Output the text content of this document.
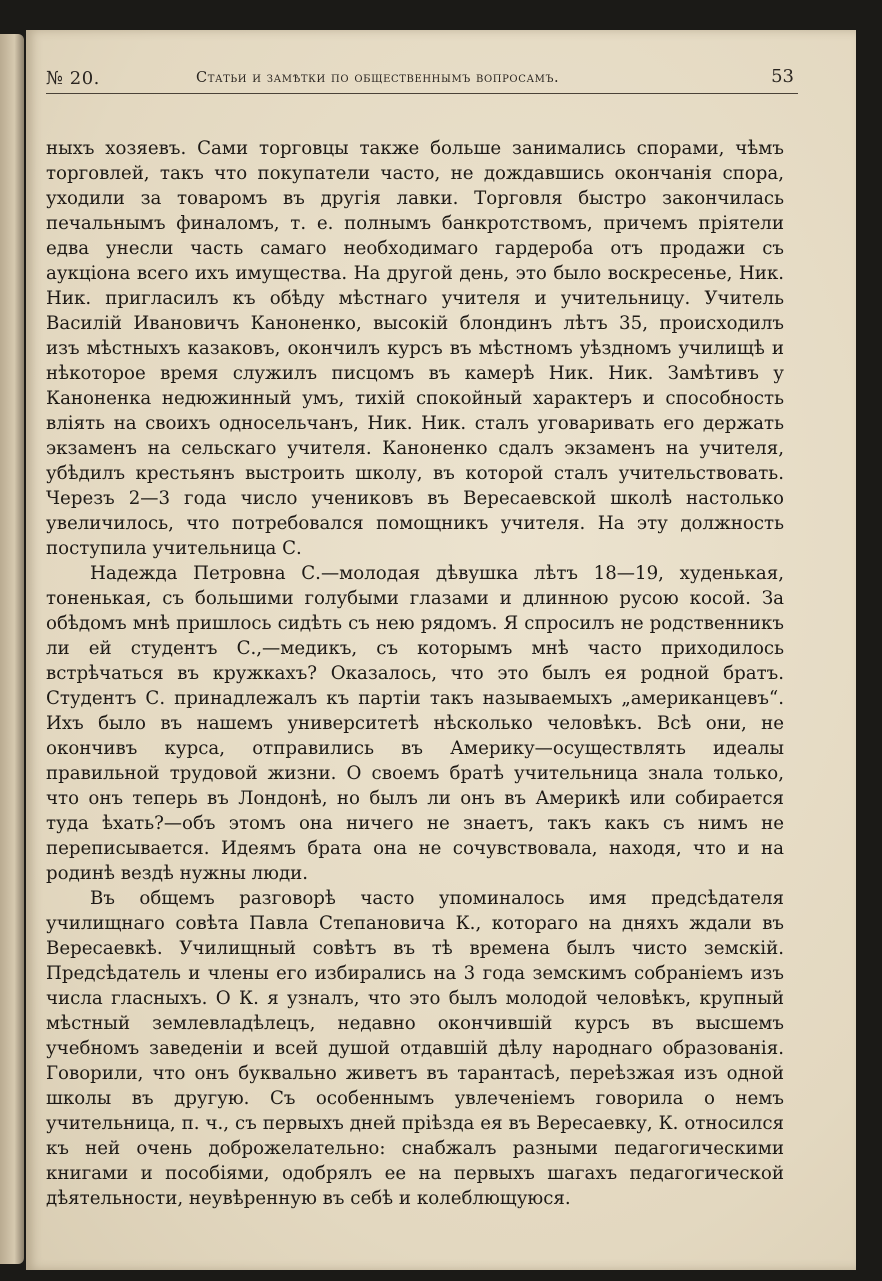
№ 20.	Статьи и замѣтки по общественнымъ вопросамъ.	53

ныхъ хозяевъ. Сами торговцы также больше занимались спорами, чѣмъ торговлей, такъ что покупатели часто, не дождавшись окончанія спора, уходили за товаромъ въ другія лавки. Торговля быстро закончилась печальнымъ финаломъ, т. е. полнымъ банкротствомъ, причемъ пріятели едва унесли часть самаго необходимаго гардероба отъ продажи съ аукціона всего ихъ имущества. На другой день, это было воскресенье, Ник. Ник. пригласилъ къ обѣду мѣстнаго учителя и учительницу. Учитель Василій Ивановичъ Каноненко, высокій блондинъ лѣтъ 35, происходилъ изъ мѣстныхъ казаковъ, окончилъ курсъ въ мѣстномъ уѣздномъ училищѣ и нѣкоторое время служилъ писцомъ въ камерѣ Ник. Ник. Замѣтивъ у Каноненка недюжинный умъ, тихій спокойный характеръ и способность вліять на своихъ односельчанъ, Ник. Ник. сталъ уговаривать его держать экзаменъ на сельскаго учителя. Каноненко сдалъ экзаменъ на учителя, убѣдилъ крестьянъ выстроить школу, въ которой сталъ учительствовать. Черезъ 2—3 года число учениковъ въ Вересаевской школѣ настолько увеличилось, что потребовался помощникъ учителя. На эту должность поступила учительница С.

Надежда Петровна С.—молодая дѣвушка лѣтъ 18—19, худенькая, тоненькая, съ большими голубыми глазами и длинною русою косой. За обѣдомъ мнѣ пришлось сидѣть съ нею рядомъ. Я спросилъ не родственникъ ли ей студентъ С.,—медикъ, съ которымъ мнѣ часто приходилось встрѣчаться въ кружкахъ? Оказалось, что это былъ ея родной братъ. Студентъ С. принадлежалъ къ партіи такъ называемыхъ „американцевъ“. Ихъ было въ нашемъ университетѣ нѣсколько человѣкъ. Всѣ они, не окончивъ курса, отправились въ Америку—осуществлять идеалы правильной трудовой жизни. О своемъ братѣ учительница знала только, что онъ теперь въ Лондонѣ, но былъ ли онъ въ Америкѣ или собирается туда ѣхать?—объ этомъ она ничего не знаетъ, такъ какъ съ нимъ не переписывается. Идеямъ брата она не сочувствовала, находя, что и на родинѣ вездѣ нужны люди.

Въ общемъ разговорѣ часто упоминалось имя предсѣдателя училищнаго совѣта Павла Степановича К., котораго на дняхъ ждали въ Вересаевкѣ. Училищный совѣтъ въ тѣ времена былъ чисто земскій. Предсѣдатель и члены его избирались на 3 года земскимъ собраніемъ изъ числа гласныхъ. О К. я узналъ, что это былъ молодой человѣкъ, крупный мѣстный землевладѣлецъ, недавно окончившій курсъ въ высшемъ учебномъ заведеніи и всей душой отдавшій дѣлу народнаго образованія. Говорили, что онъ буквально живетъ въ тарантасѣ, переѣзжая изъ одной школы въ другую. Съ особеннымъ увлеченіемъ говорила о немъ учительница, п. ч., съ первыхъ дней пріѣзда ея въ Вересаевку, К. относился къ ней очень доброжелательно: снабжалъ разными педагогическими книгами и пособіями, одобрялъ ее на первыхъ шагахъ педагогической дѣятельности, неувѣренную въ себѣ и колеблющуюся.
